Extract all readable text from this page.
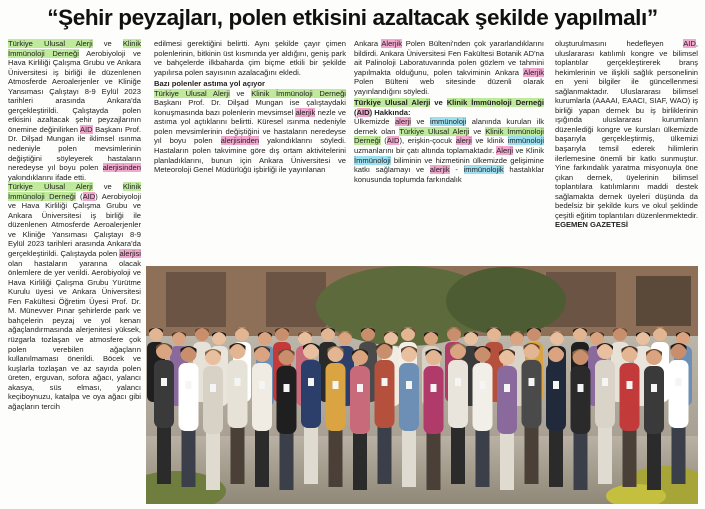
“Şehir peyzajları, polen etkisini azaltacak şekilde yapılmalı”

Türkiye Ulusal Alerji ve Klinik İmmünoloji Derneği Aerobiyoloji ve Hava Kirliliği Çalışma Grubu ve Ankara Üniversitesi iş birliği ile düzenlenen Atmosferde Aeroalerjenler ve Kliniğe Yansıması Çalıştayı 8-9 Eylül 2023 tarihleri arasında Ankara'da gerçekleştirildi. Çalıştayda polen etkisini azaltacak şehir peyzajlarının önemine değinilirken AID Başkanı Prof. Dr. Dilşad Mungan ile iklimsel ısınma nedeniyle polen mevsimlerinin değiştiğini söyleyerek hastaların neredeyse yıl boyu polen alerjisinden yakındıklarını ifade etti.

Türkiye Ulusal Alerji ve Klinik İmmünoloji Derneği (AID) Aerobiyoloji ve Hava Kirliliği Çalışma Grubu ve Ankara Üniversitesi iş birliği ile düzenlenen Atmosferde Aeroalerjenler ve Kliniğe Yansıması Çalıştayı 8-9 Eylül 2023 tarihleri arasında Ankara'da gerçekleştirildi. Çalıştayda polen alerjisi olan hastaların yararına olacak önlemlere de yer verildi. Aerobiyoloji ve Hava Kirliliği Çalışma Grubu Yürütme Kurulu üyesi ve Ankara Üniversitesi Fen Fakültesi Öğretim Üyesi Prof. Dr. M. Münevver Pınar şehirlerde park ve bahçelerin peyzaj ve yol kenarı ağaçlandırmasında alerjenitesi yüksek, rüzgarla tozlaşan ve atmosfere çok polen verebilen ağaçların kullanılmaması önerildi. Böcek ve kuşlarla tozlaşan ve az sayıda polen üreten, erguvan, sofora ağacı, yalancı akasya, süs elması, yalancı keçiboynuzu, katalpa ve oya ağacı gibi ağaçların tercih

edilmesi gerektiğini belirtti. Aynı şekilde çayır çimen polenlerinin, bitkinin üst kısmında yer aldığını, geniş park ve bahçelerde ilkbaharda çim biçme etkili bir şekilde yapılırsa polen sayısının azalacağını ekledi.

Bazı polenler astıma yol açıyor

Türkiye Ulusal Alerji ve Klinik İmmünoloji Derneği Başkanı Prof. Dr. Dilşad Mungan ise çalıştaydaki konuşmasında bazı polenlerin mevsimsel alerjik nezle ve astıma yol açtıklarını belirtti. Küresel ısınma nedeniyle polen mevsimlerinin değiştiğini ve hastaların neredeyse yıl boyu polen alerjisinden yakındıklarını söyledi. Hastaların polen takvimine göre dış ortam aktivitelerini planladıklarını, bunun için Ankara Üniversitesi ve Meteoroloji Genel Müdürlüğü işbirliği ile yayınlanan

Ankara Alerjik Polen Bülteni'nden çok yararlandıklarını bildirdi. Ankara Üniversitesi Fen Fakültesi Botanik AD'na ait Palinoloji Laboratuvarında polen gözlem ve tahmini yapılmakta olduğunu, polen takviminin Ankara Alerjik Polen Bülteni web sitesinde düzenli olarak yayınlandığını söyledi.

Türkiye Ulusal Alerji ve Klinik İmmünoloji Derneği (AID) Hakkında:

Ülkemizde alerji ve immünoloji alanında kurulan ilk dernek olan Türkiye Ulusal Alerji ve Klinik İmmünoloji Derneği (AID), erişkin-çocuk alerji ve klinik immünoloji uzmanlarını bir çatı altında toplamaktadır. Alerji ve Klinik İmmünoloji biliminin ve hizmetinin ülkemizde gelişimine katkı sağlamayı ve alerjik - immünolojik hastalıklar konusunda toplumda farkındalık

oluşturulmasını hedefleyen AID, uluslararası katılımlı kongre ve bilimsel toplantılar gerçekleştirerek branş hekimlerinin ve ilişkili sağlık personelinin en yeni bilgiler ile güncellenmesi sağlanmaktadır. Uluslararası bilimsel kurumlarla (AAAAI, EAACI, SIAF, WAO) iş birliği yapan dernek bu iş birliklerinin ışığında uluslararası kurumların düzenlediği kongre ve kursları ülkemizde başarıyla gerçekleştirmiş, ülkemizi başarıyla temsil ederek hilimlerin ilerlemesine önemli bir katkı sunmuştur. Yine farkındalık yaratma misyonuyla öne çıkan dernek, üyelerinin bilimsel toplantılara katılımlarını maddi destek sağlamakta dernek üyeleri düşünda da bedelsiz bir şekilde kurs ve okul şeklinde çeşitli eğitim toplantıları düzenlenmektedir. EGEMEN GAZETESİ
